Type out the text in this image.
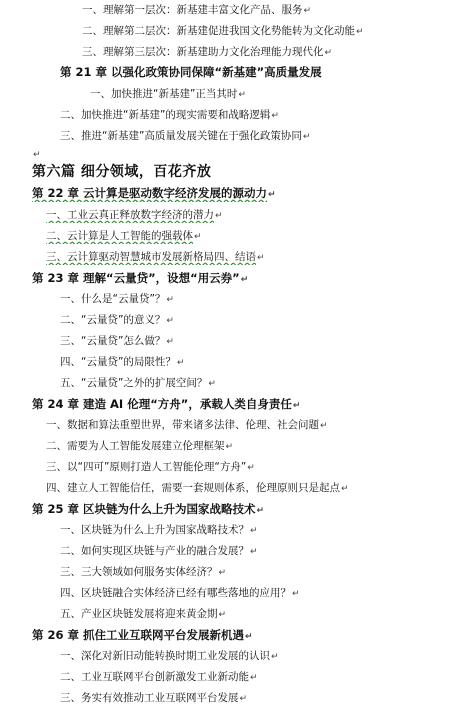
一、理解第一层次：新基建丰富文化产品、服务↵
二、理解第二层次：新基建促进我国文化势能转为文化动能↵
三、理解第三层次：新基建助力文化治理能力现代化↵
第 21 章 以强化政策协同保障“新基建”高质量发展
一、加快推进“新基建”正当其时↵
二、加快推进“新基建”的现实需要和战略逻辑↵
三、推进“新基建”高质量发展关键在于强化政策协同↵
↵
第六篇 细分领域，百花齐放
第 22 章 云计算是驱动数字经济发展的源动力↵
一、工业云真正释放数字经济的潜力↵
二、云计算是人工智能的强载体↵
三、云计算驱动智慧城市发展新格局四、结语↵
第 23 章 理解“云量贷”，设想“用云券”↵
一、什么是“云量贷”？↵
二、“云量贷”的意义？↵
三、“云量贷”怎么做？↵
四、“云量贷”的局限性？↵
五、“云量贷”之外的扩展空间？↵
第 24 章 建造 AI 伦理“方舟”，承载人类自身责任↵
一、数据和算法重塑世界，带来诸多法律、伦理、社会问题↵
二、需要为人工智能发展建立伦理框架↵
三、以“四可”原则打造人工智能伦理“方舟”↵
四、建立人工智能信任，需要一套规则体系，伦理原则只是起点↵
第 25 章 区块链为什么上升为国家战略技术↵
一、区块链为什么上升为国家战略技术？↵
二、如何实现区块链与产业的融合发展？↵
三、三大领域如何服务实体经济？↵
四、区块链融合实体经济已经有哪些落地的应用？↵
五、产业区块链发展将迎来黄金期↵
第 26 章 抓住工业互联网平台发展新机遇↵
一、深化对新旧动能转换时期工业发展的认识↵
二、工业互联网平台创新激发工业新动能↵
三、务实有效推动工业互联网平台发展↵
